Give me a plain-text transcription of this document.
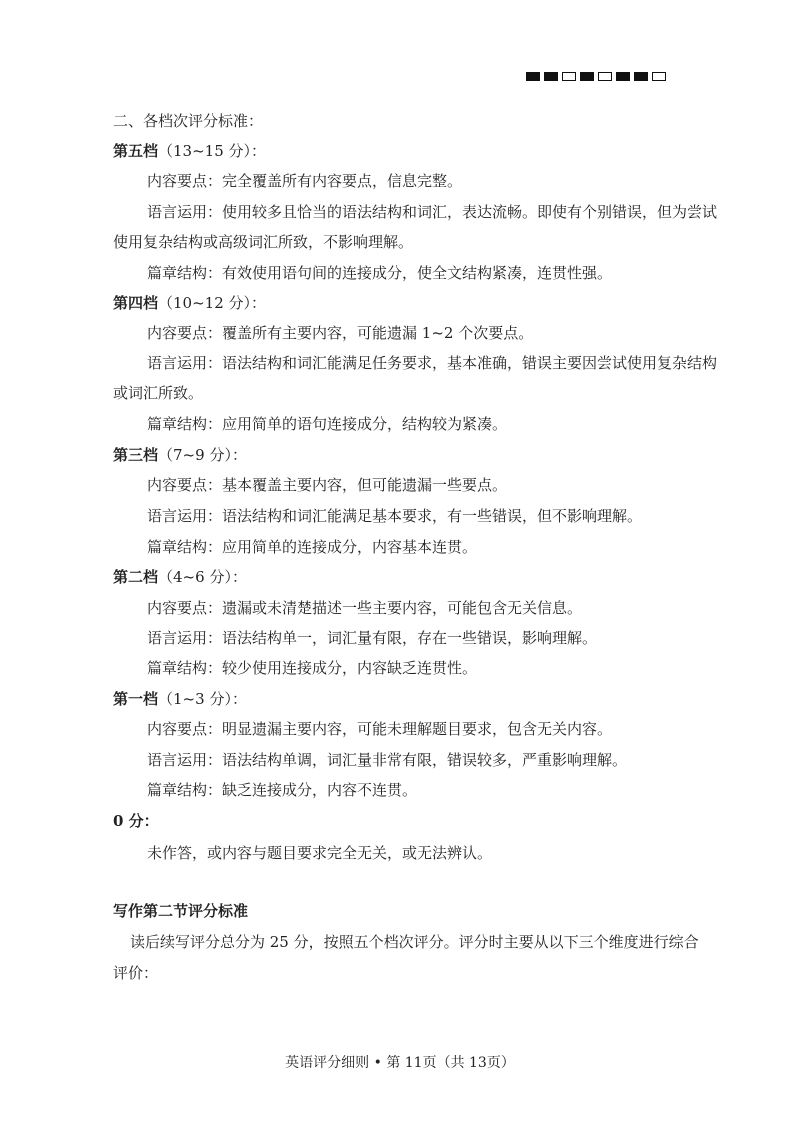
二、各档次评分标准：
第五档（13~15 分）：
内容要点：完全覆盖所有内容要点，信息完整。
语言运用：使用较多且恰当的语法结构和词汇，表达流畅。即使有个别错误，但为尝试
使用复杂结构或高级词汇所致，不影响理解。
篇章结构：有效使用语句间的连接成分，使全文结构紧凑，连贯性强。
第四档（10~12 分）：
内容要点：覆盖所有主要内容，可能遗漏 1~2 个次要点。
语言运用：语法结构和词汇能满足任务要求，基本准确，错误主要因尝试使用复杂结构
或词汇所致。
篇章结构：应用简单的语句连接成分，结构较为紧凑。
第三档（7~9 分）：
内容要点：基本覆盖主要内容，但可能遗漏一些要点。
语言运用：语法结构和词汇能满足基本要求，有一些错误，但不影响理解。
篇章结构：应用简单的连接成分，内容基本连贯。
第二档（4~6 分）：
内容要点：遗漏或未清楚描述一些主要内容，可能包含无关信息。
语言运用：语法结构单一，词汇量有限，存在一些错误，影响理解。
篇章结构：较少使用连接成分，内容缺乏连贯性。
第一档（1~3 分）：
内容要点：明显遗漏主要内容，可能未理解题目要求，包含无关内容。
语言运用：语法结构单调，词汇量非常有限，错误较多，严重影响理解。
篇章结构：缺乏连接成分，内容不连贯。
0 分：
未作答，或内容与题目要求完全无关，或无法辨认。
写作第二节评分标准
读后续写评分总分为 25 分，按照五个档次评分。评分时主要从以下三个维度进行综合
评价：
英语评分细则 • 第 11页（共 13页）
